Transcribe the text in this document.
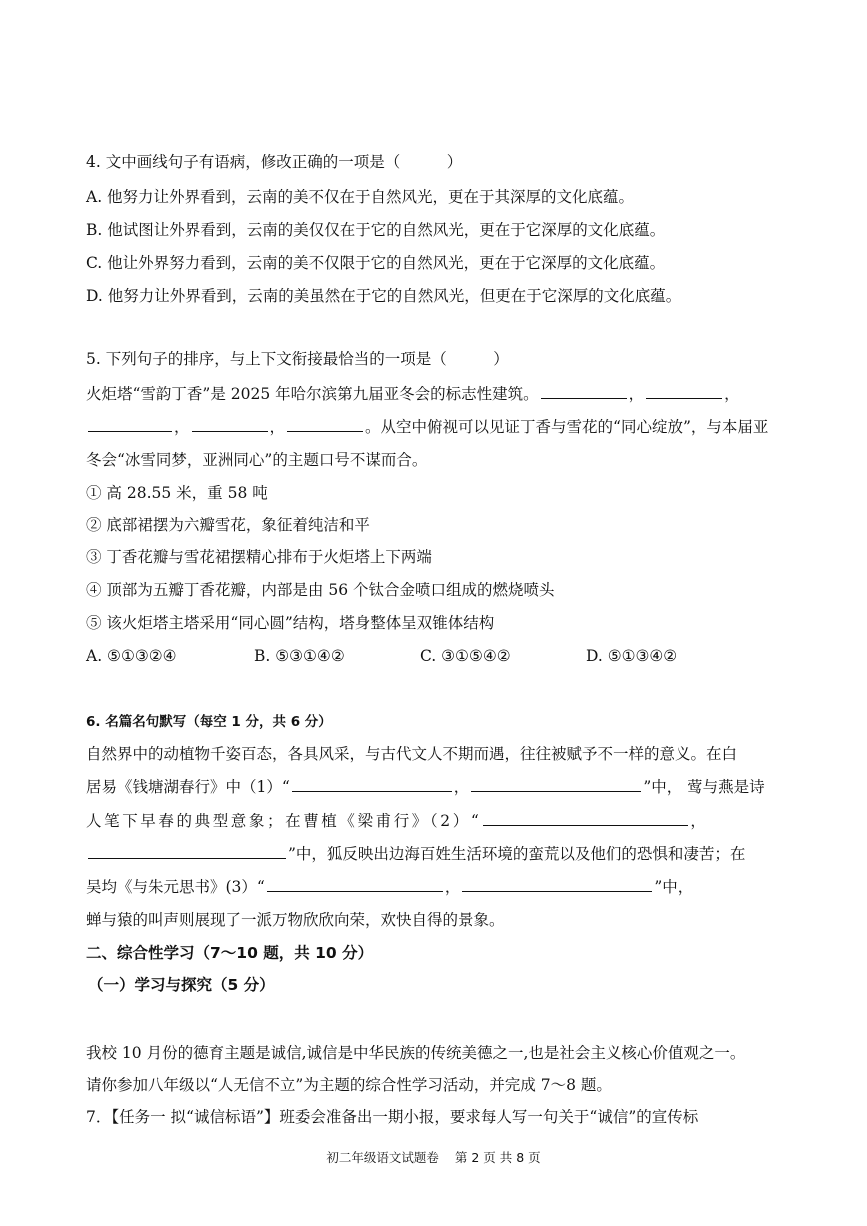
4. 文中画线句子有语病，修改正确的一项是（　　　）

A. 他努力让外界看到，云南的美不仅在于自然风光，更在于其深厚的文化底蕴。

B. 他试图让外界看到，云南的美仅仅在于它的自然风光，更在于它深厚的文化底蕴。

C. 他让外界努力看到，云南的美不仅限于它的自然风光，更在于它深厚的文化底蕴。

D. 他努力让外界看到，云南的美虽然在于它的自然风光，但更在于它深厚的文化底蕴。

5. 下列句子的排序，与上下文衔接最恰当的一项是（　　　）

火炬塔“雪韵丁香”是 2025 年哈尔滨第九届亚冬会的标志性建筑。	，	，

，	，	。从空中俯视可以见证丁香与雪花的“同心绽放”，与本届亚

冬会“冰雪同梦，亚洲同心”的主题口号不谋而合。

① 高 28.55 米，重 58 吨

② 底部裙摆为六瓣雪花，象征着纯洁和平

③ 丁香花瓣与雪花裙摆精心排布于火炬塔上下两端

④ 顶部为五瓣丁香花瓣，内部是由 56 个钛合金喷口组成的燃烧喷头

⑤ 该火炬塔主塔采用“同心圆”结构，塔身整体呈双锥体结构

A. ⑤①③②④	B. ⑤③①④②	C. ③①⑤④②	D. ⑤①③④②

6. 名篇名句默写（每空 1 分，共 6 分）

自然界中的动植物千姿百态，各具风采，与古代文人不期而遇，往往被赋予不一样的意义。在白

居易《钱塘湖春行》中（1）“	，	”中， 莺与燕是诗

人笔下早春的典型意象；在曹植《梁甫行》（2）“	，

”中，狐反映出边海百姓生活环境的蛮荒以及他们的恐惧和凄苦；在

吴均《与朱元思书》(3）“	，	”中，

蝉与猿的叫声则展现了一派万物欣欣向荣，欢快自得的景象。

二、综合性学习（7～10 题，共 10 分）

（一）学习与探究（5 分）

我校 10 月份的德育主题是诚信,诚信是中华民族的传统美德之一,也是社会主义核心价值观之一。

请你参加八年级以“人无信不立”为主题的综合性学习活动，并完成 7～8 题。

7．【任务一 拟“诚信标语”】班委会准备出一期小报，要求每人写一句关于“诚信”的宣传标

初二年级语文试题卷 第 2 页 共 8 页
